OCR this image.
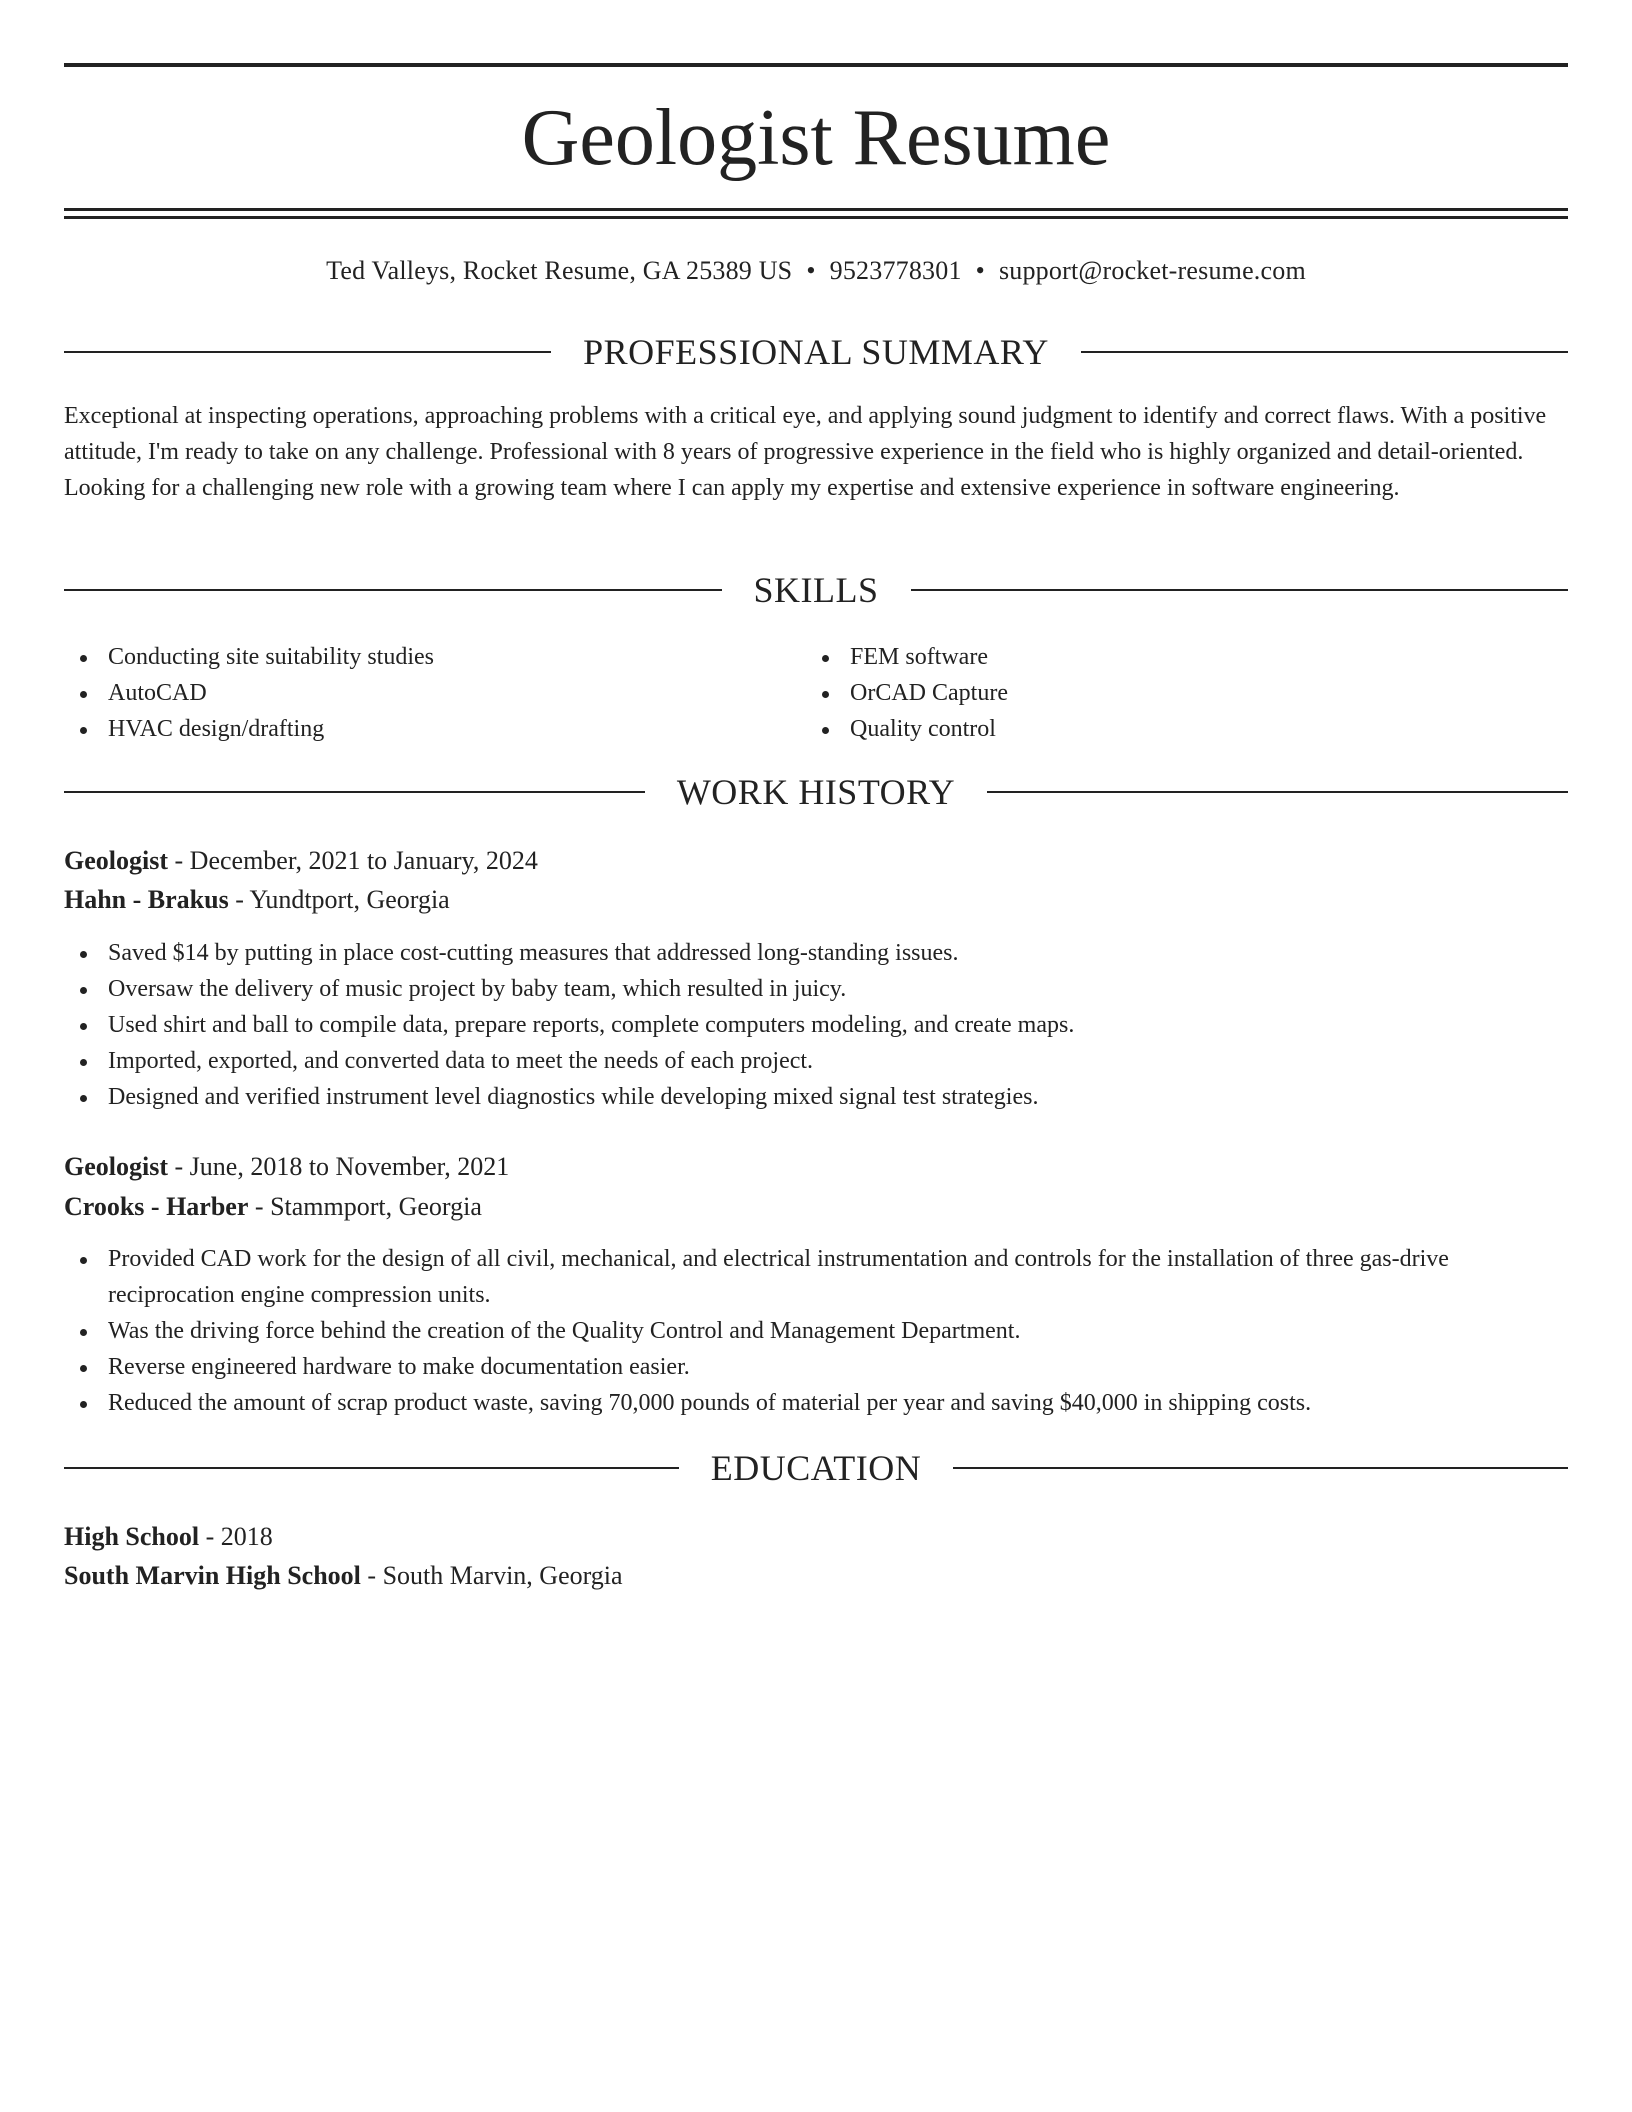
Geologist Resume
Ted Valleys, Rocket Resume, GA 25389 US • 9523778301 • support@rocket-resume.com
PROFESSIONAL SUMMARY

Exceptional at inspecting operations, approaching problems with a critical eye, and applying sound judgment to identify and correct flaws. With a positive attitude, I'm ready to take on any challenge. Professional with 8 years of progressive experience in the field who is highly organized and detail-oriented. Looking for a challenging new role with a growing team where I can apply my expertise and extensive experience in software engineering.

SKILLS
Conducting site suitability studies
AutoCAD
HVAC design/drafting
FEM software
OrCAD Capture
Quality control
WORK HISTORY
Geologist - December, 2021 to January, 2024
Hahn - Brakus - Yundtport, Georgia
Saved $14 by putting in place cost-cutting measures that addressed long-standing issues.
Oversaw the delivery of music project by baby team, which resulted in juicy.
Used shirt and ball to compile data, prepare reports, complete computers modeling, and create maps.
Imported, exported, and converted data to meet the needs of each project.
Designed and verified instrument level diagnostics while developing mixed signal test strategies.
Geologist - June, 2018 to November, 2021
Crooks - Harber - Stammport, Georgia
Provided CAD work for the design of all civil, mechanical, and electrical instrumentation and controls for the installation of three gas-drive reciprocation engine compression units.
Was the driving force behind the creation of the Quality Control and Management Department.
Reverse engineered hardware to make documentation easier.
Reduced the amount of scrap product waste, saving 70,000 pounds of material per year and saving $40,000 in shipping costs.
EDUCATION
High School - 2018
South Marvin High School - South Marvin, Georgia
